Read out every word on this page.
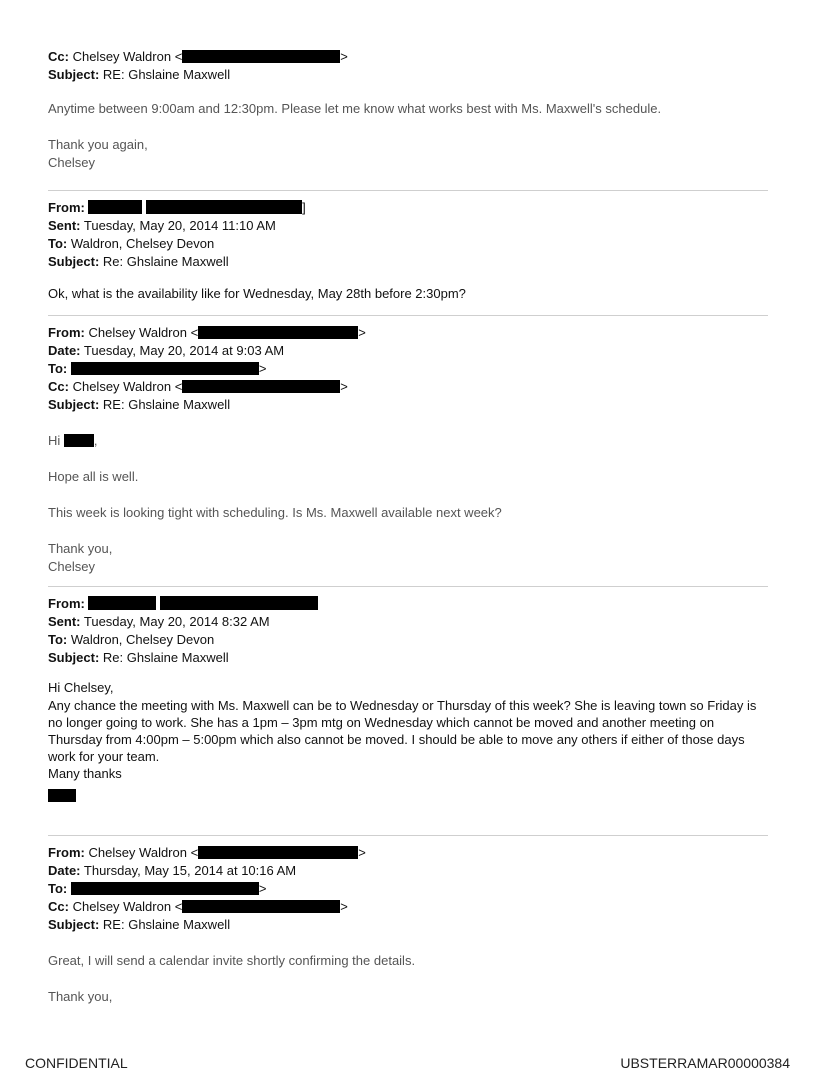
Cc: Chelsey Waldron <	>
Subject: RE: Ghslaine Maxwell
Anytime between 9:00am and 12:30pm. Please let me know what works best with Ms. Maxwell's schedule.
Thank you again,
Chelsey
From:	]
Sent: Tuesday, May 20, 2014 11:10 AM
To: Waldron, Chelsey Devon
Subject: Re: Ghslaine Maxwell
Ok, what is the availability like for Wednesday, May 28th before 2:30pm?
From: Chelsey Waldron <	>
Date: Tuesday, May 20, 2014 at 9:03 AM
To:	>
Cc: Chelsey Waldron <	>
Subject: RE: Ghslaine Maxwell
Hi	,
Hope all is well.
This week is looking tight with scheduling. Is Ms. Maxwell available next week?
Thank you,
Chelsey
From:
Sent: Tuesday, May 20, 2014 8:32 AM
To: Waldron, Chelsey Devon
Subject: Re: Ghslaine Maxwell
Hi Chelsey,
Any chance the meeting with Ms. Maxwell can be to Wednesday or Thursday of this week? She is leaving town so Friday is no longer going to work. She has a 1pm – 3pm mtg on Wednesday which cannot be moved and another meeting on Thursday from 4:00pm – 5:00pm which also cannot be moved. I should be able to move any others if either of those days work for your team.
Many thanks
From: Chelsey Waldron <	>
Date: Thursday, May 15, 2014 at 10:16 AM
To:	>
Cc: Chelsey Waldron <	>
Subject: RE: Ghslaine Maxwell
Great, I will send a calendar invite shortly confirming the details.
Thank you,
CONFIDENTIAL	UBSTERRAMAR00000384
